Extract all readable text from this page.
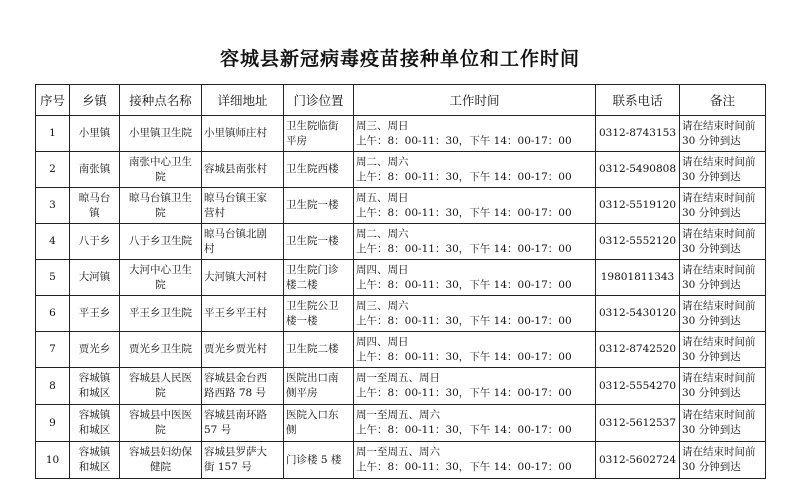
容城县新冠病毒疫苗接种单位和工作时间
序号	乡镇	接种点名称	详细地址	门诊位置	工作时间	联系电话	备注
1	小里镇	小里镇卫生院	小里镇师庄村	卫生院临街
平房	周三、周日
上午：8：00-11：30，下午 14：00-17：00	0312-8743153	请在结束时间前
30 分钟到达
2	南张镇	南张中心卫生
院	容城县南张村	卫生院西楼	周二、周六
上午：8：00-11：30，下午 14：00-17：00	0312-5490808	请在结束时间前
30 分钟到达
3	晾马台
镇	晾马台镇卫生
院	晾马台镇王家
营村	卫生院一楼	周五、周日
上午：8：00-11：30，下午 14：00-17：00	0312-5519120	请在结束时间前
30 分钟到达
4	八于乡	八于乡卫生院	晾马台镇北剧
村	卫生院一楼	周二、周六
上午：8：00-11：30，下午 14：00-17：00	0312-5552120	请在结束时间前
30 分钟到达
5	大河镇	大河中心卫生
院	大河镇大河村	卫生院门诊
楼二楼	周四、周日
上午：8：00-11：30，下午 14：00-17：00	19801811343	请在结束时间前
30 分钟到达
6	平王乡	平王乡卫生院	平王乡平王村	卫生院公卫
楼一楼	周三、周六
上午：8：00-11：30，下午 14：00-17：00	0312-5430120	请在结束时间前
30 分钟到达
7	贾光乡	贾光乡卫生院	贾光乡贾光村	卫生院二楼	周四、周日
上午：8：00-11：30，下午 14：00-17：00	0312-8742520	请在结束时间前
30 分钟到达
8	容城镇
和城区	容城县人民医
院	容城县金台西
路西路 78 号	医院出口南
侧平房	周一至周五、周日
上午：8：00-11：30，下午 14：00-17：00	0312-5554270	请在结束时间前
30 分钟到达
9	容城镇
和城区	容城县中医医
院	容城县南环路
57 号	医院入口东
侧	周一至周五、周六
上午：8：00-11：30，下午 14：00-17：00	0312-5612537	请在结束时间前
30 分钟到达
10	容城镇
和城区	容城县妇幼保
健院	容城县罗萨大
街 157 号	门诊楼 5 楼	周一至周五、周六
上午：8：00-11：30，下午 14：00-17：00	0312-5602724	请在结束时间前
30 分钟到达
